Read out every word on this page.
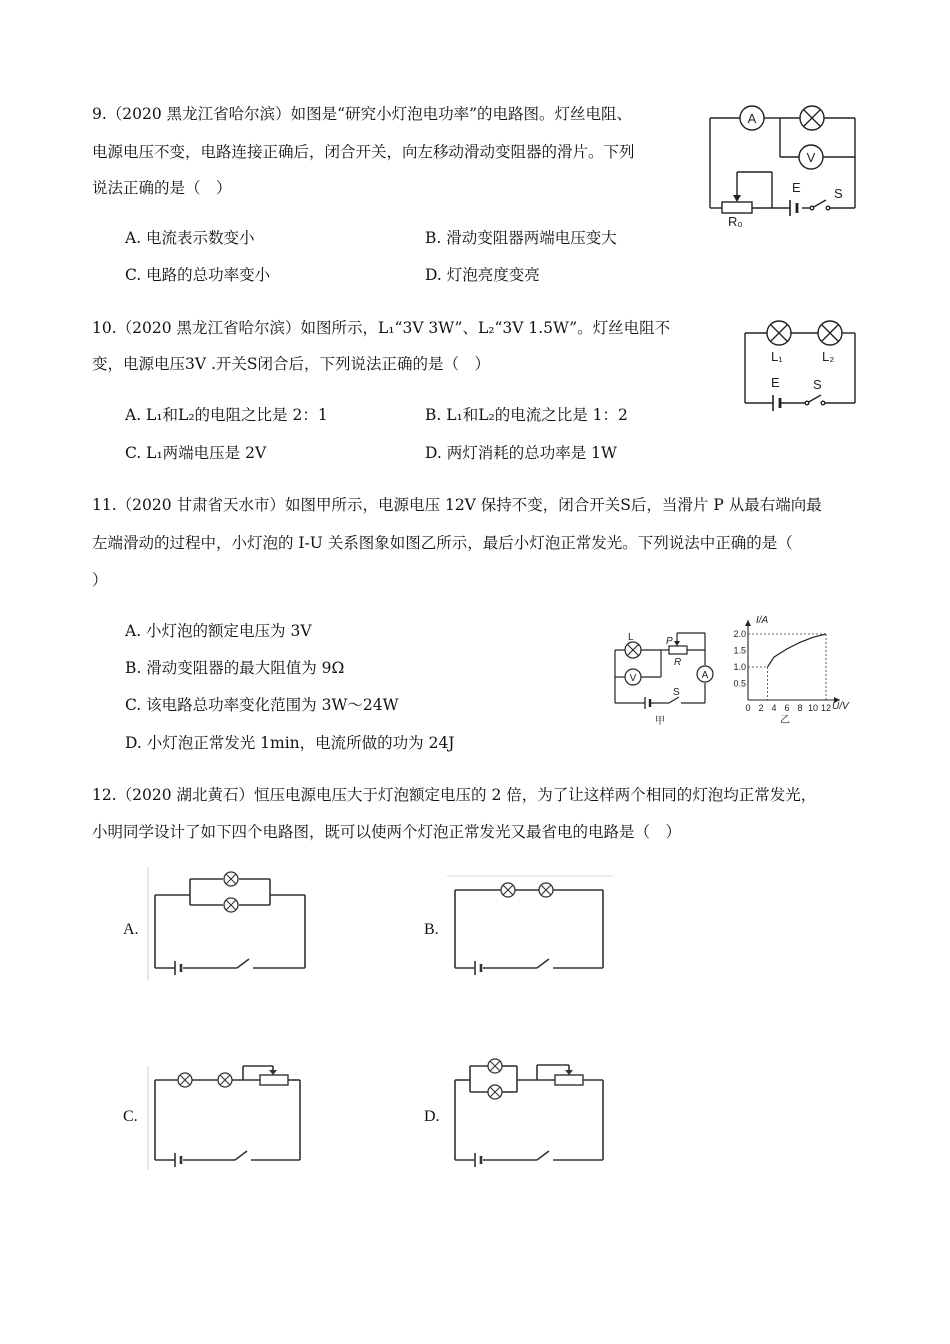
9.（2020 黑龙江省哈尔滨）如图是“研究小灯泡电功率”的电路图。灯丝电阻、
电源电压不变，电路连接正确后，闭合开关，向左移动滑动变阻器的滑片。下列
说法正确的是（　）
A. 电流表示数变小	B. 滑动变阻器两端电压变大
C. 电路的总功率变小	D. 灯泡亮度变亮
A
V
E	S
R₀
10.（2020 黑龙江省哈尔滨）如图所示，L₁“3V 3W”、L₂“3V 1.5W”。灯丝电阻不
变，电源电压3V .开关S闭合后，下列说法正确的是（　）
A. L₁和L₂的电阻之比是 2：1	B. L₁和L₂的电流之比是 1：2
C. L₁两端电压是 2V	D. 两灯消耗的总功率是 1W
L₁	L₂
E	S
11.（2020 甘肃省天水市）如图甲所示，电源电压 12V 保持不变，闭合开关S后，当滑片 P 从最右端向最
左端滑动的过程中，小灯泡的 I-U 关系图象如图乙所示，最后小灯泡正常发光。下列说法中正确的是（
）
A. 小灯泡的额定电压为 3V
B. 滑动变阻器的最大阻值为 9Ω
C. 该电路总功率变化范围为 3W～24W
D. 小灯泡正常发光 1min，电流所做的功为 24J
V	A
L	P
R
S
甲
0 2 4 6 8 10 12
0.5
1.0
1.5
2.0
I/A
U/V
乙
12.（2020 湖北黄石）恒压电源电压大于灯泡额定电压的 2 倍，为了让这样两个相同的灯泡均正常发光，
小明同学设计了如下四个电路图，既可以使两个灯泡正常发光又最省电的电路是（　）
A.	B.
C.	D.
